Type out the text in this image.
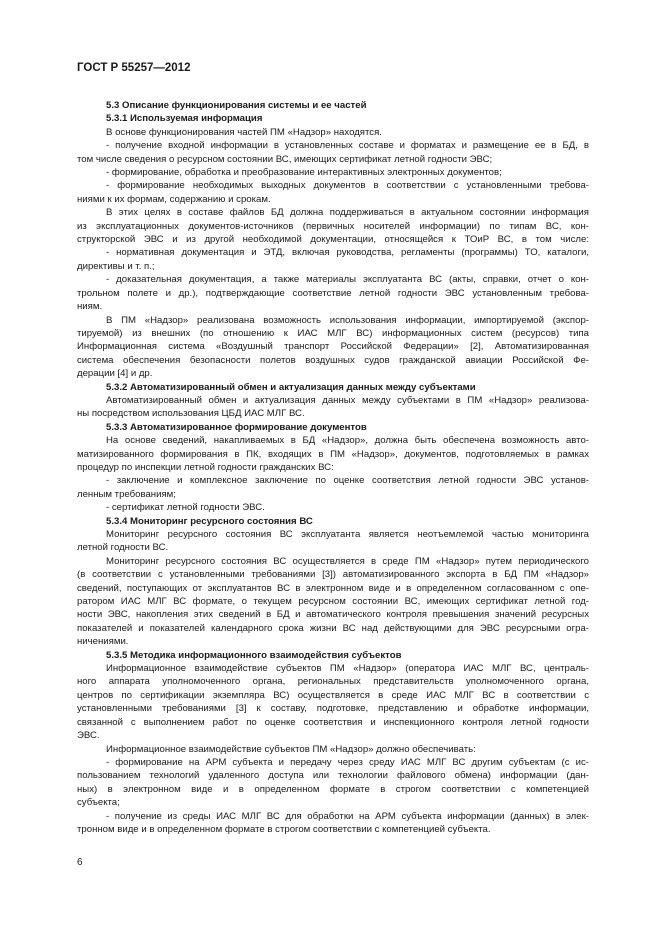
ГОСТ Р 55257—2012
5.3 Описание функционирования системы и ее частей
5.3.1 Используемая информация
В основе функционирования частей ПМ «Надзор» находятся.
- получение входной информации в установленных составе и форматах и размещение ее в БД, в
том числе сведения о ресурсном состоянии ВС, имеющих сертификат летной годности ЭВС;
- формирование, обработка и преобразование интерактивных электронных документов;
- формирование необходимых выходных документов в соответствии с установленными требова-
ниями к их формам, содержанию и срокам.
В этих целях в составе файлов БД должна поддерживаться в актуальном состоянии информация
из эксплуатационных документов-источников (первичных носителей информации) по типам ВС, кон-
структорской ЭВС и из другой необходимой документации, относящейся к ТОиР ВС, в том числе:
- нормативная документация и ЭТД, включая руководства, регламенты (программы) ТО, каталоги,
директивы и т. п.;
- доказательная документация, а также материалы эксплуатанта ВС (акты, справки, отчет о кон-
трольном полете и др.), подтверждающие соответствие летной годности ЭВС установленным требова-
ниям.
В ПМ «Надзор» реализована возможность использования информации, импортируемой (экспор-
тируемой) из внешних (по отношению к ИАС МЛГ ВС) информационных систем (ресурсов) типа
Информационная система «Воздушный транспорт Российской Федерации» [2], Автоматизированная
система обеспечения безопасности полетов воздушных судов гражданской авиации Российской Фе-
дерации [4] и др.
5.3.2 Автоматизированный обмен и актуализация данных между субъектами
Автоматизированный обмен и актуализация данных между субъектами в ПМ «Надзор» реализова-
ны посредством использования ЦБД ИАС МЛГ ВС.
5.3.3 Автоматизированное формирование документов
На основе сведений, накапливаемых в БД «Надзор», должна быть обеспечена возможность авто-
матизированного формирования в ПК, входящих в ПМ «Надзор», документов, подготовляемых в рамках
процедур по инспекции летной годности гражданских ВС:
- заключение и комплексное заключение по оценке соответствия летной годности ЭВС установ-
ленным требованиям;
- сертификат летной годности ЭВС.
5.3.4 Мониторинг ресурсного состояния ВС
Мониторинг ресурсного состояния ВС эксплуатанта является неотъемлемой частью мониторинга
летной годности ВС.
Мониторинг ресурсного состояния ВС осуществляется в среде ПМ «Надзор» путем периодического
(в соответствии с установленными требованиями [3]) автоматизированного экспорта в БД ПМ «Надзор»
сведений, поступающих от эксплуатантов ВС в электронном виде и в определенном согласованном с опе-
ратором ИАС МЛГ ВС формате, о текущем ресурсном состоянии ВС, имеющих сертификат летной год-
ности ЭВС, накопления этих сведений в БД и автоматического контроля превышения значений ресурсных
показателей и показателей календарного срока жизни ВС над действующими для ЭВС ресурсными огра-
ничениями.
5.3.5 Методика информационного взаимодействия субъектов
Информационное взаимодействие субъектов ПМ «Надзор» (оператора ИАС МЛГ ВС, централь-
ного аппарата уполномоченного органа, региональных представительств уполномоченного органа,
центров по сертификации экземпляра ВС) осуществляется в среде ИАС МЛГ ВС в соответствии с
установленными требованиями [3] к составу, подготовке, представлению и обработке информации,
связанной с выполнением работ по оценке соответствия и инспекционного контроля летной годности
ЭВС.
Информационное взаимодействие субъектов ПМ «Надзор» должно обеспечивать:
- формирование на АРМ субъекта и передачу через среду ИАС МЛГ ВС другим субъектам (с ис-
пользованием технологий удаленного доступа или технологии файлового обмена) информации (дан-
ных) в электронном виде и в определенном формате в строгом соответствии с компетенцией
субъекта;
- получение из среды ИАС МЛГ ВС для обработки на АРМ субъекта информации (данных) в элек-
тронном виде и в определенном формате в строгом соответствии с компетенцией субъекта.
6
